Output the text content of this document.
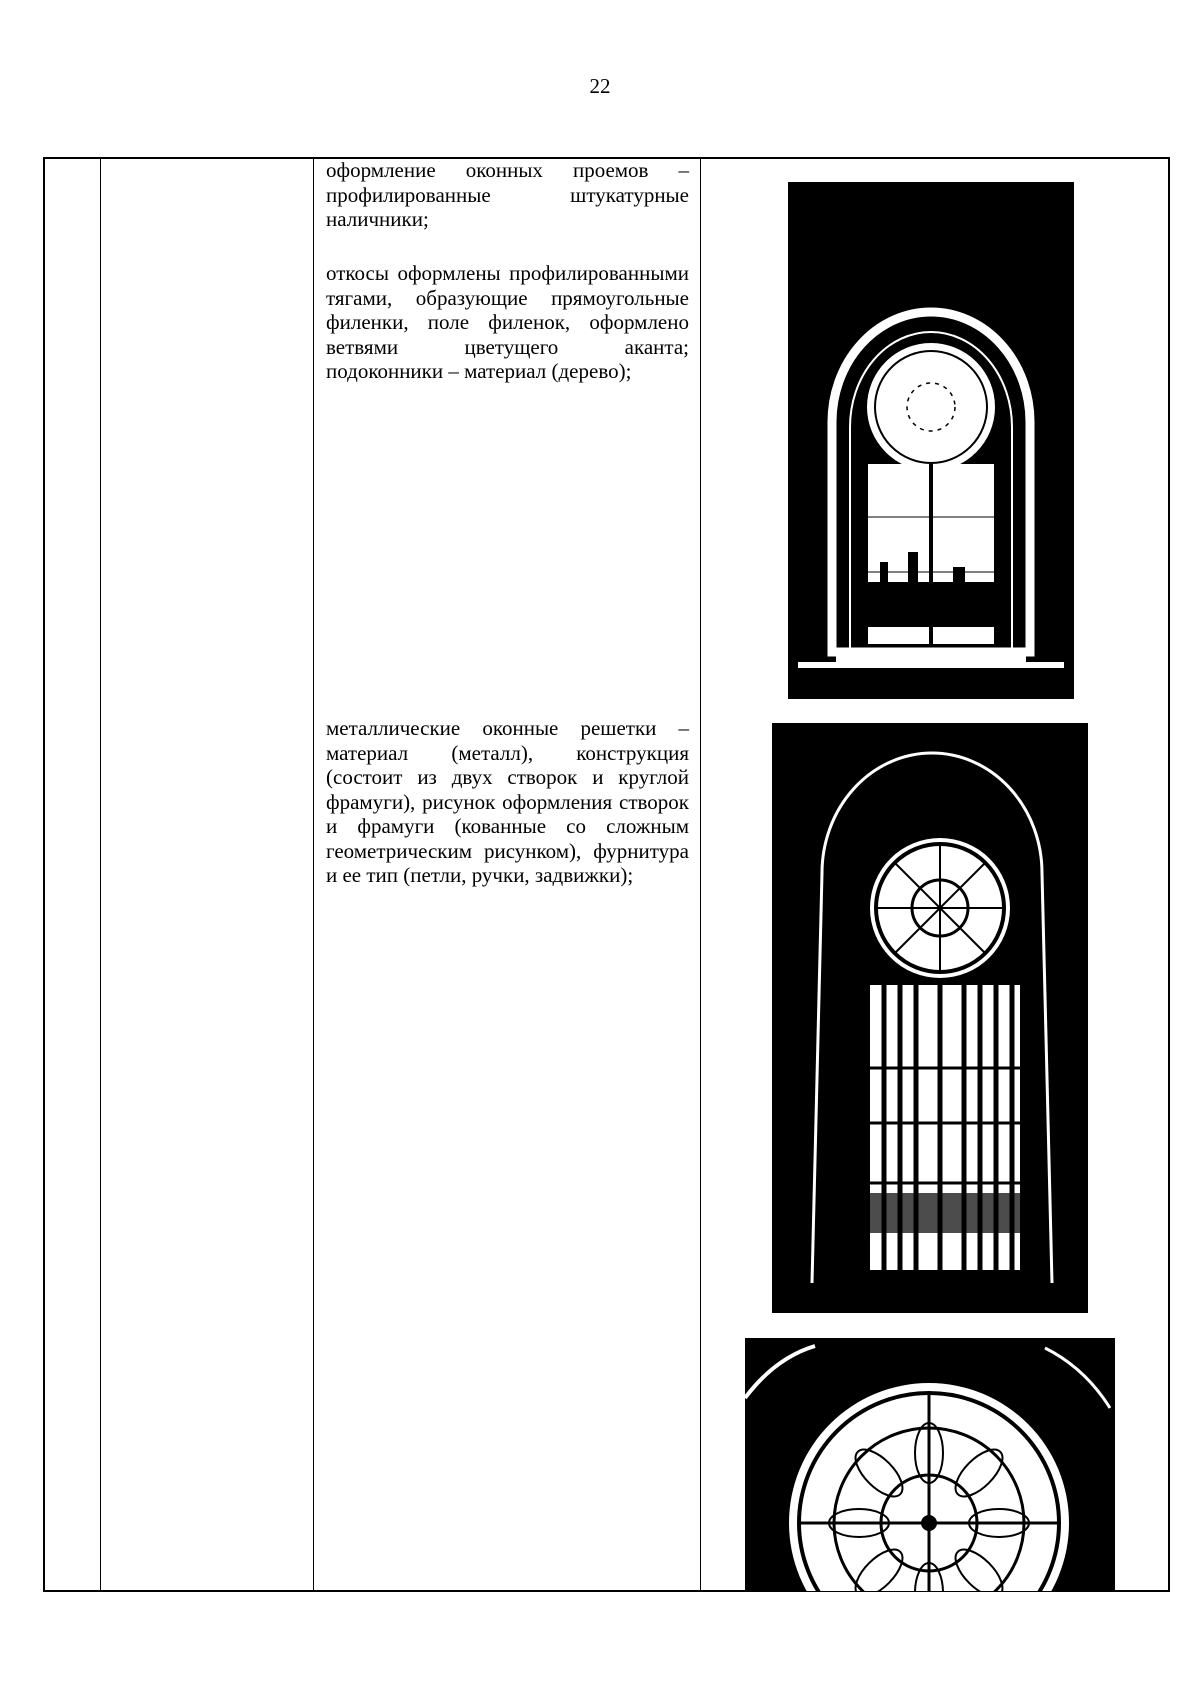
22

оформление оконных проемов – профилированные штукатурные наличники;

откосы оформлены профилированными тягами, образующие прямоугольные филенки, поле филенок, оформлено ветвями цветущего аканта; подоконники – материал (дерево);

металлические оконные решетки – материал (металл), конструкция (состоит из двух створок и круглой фрамуги), рисунок оформления створок и фрамуги (кованные со сложным геометрическим рисунком), фурнитура и ее тип (петли, ручки, задвижки);
